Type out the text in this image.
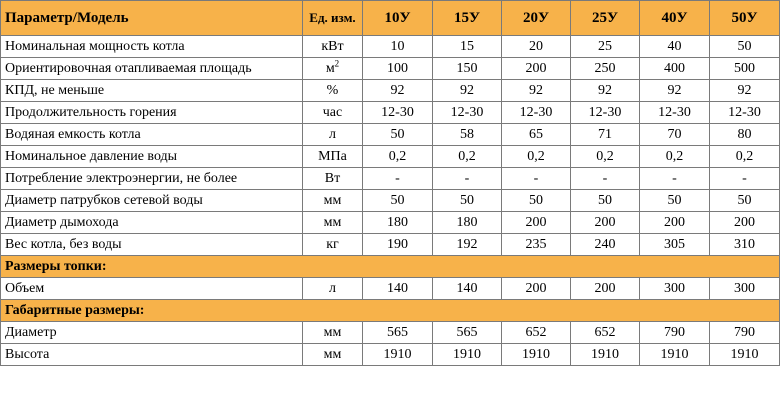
Параметр/Модель	Ед. изм.	10У	15У	20У	25У	40У	50У
Номинальная мощность котла	кВт	10	15	20	25	40	50
Ориентировочная отапливаемая площадь	$м^2$	100	150	200	250	400	500
КПД, не меньше	%	92	92	92	92	92	92
Продолжительность горения	час	12-30	12-30	12-30	12-30	12-30	12-30
Водяная емкость котла	л	50	58	65	71	70	80
Номинальное давление воды	МПа	0,2	0,2	0,2	0,2	0,2	0,2
Потребление электроэнергии, не более	Вт	-	-	-	-	-	-
Диаметр патрубков сетевой воды	мм	50	50	50	50	50	50
Диаметр дымохода	мм	180	180	200	200	200	200
Вес котла, без воды	кг	190	192	235	240	305	310
Размеры топки:							
Объем	л	140	140	200	200	300	300
Габаритные размеры:							
Диаметр	мм	565	565	652	652	790	790
Высота	мм	1910	1910	1910	1910	1910	1910
